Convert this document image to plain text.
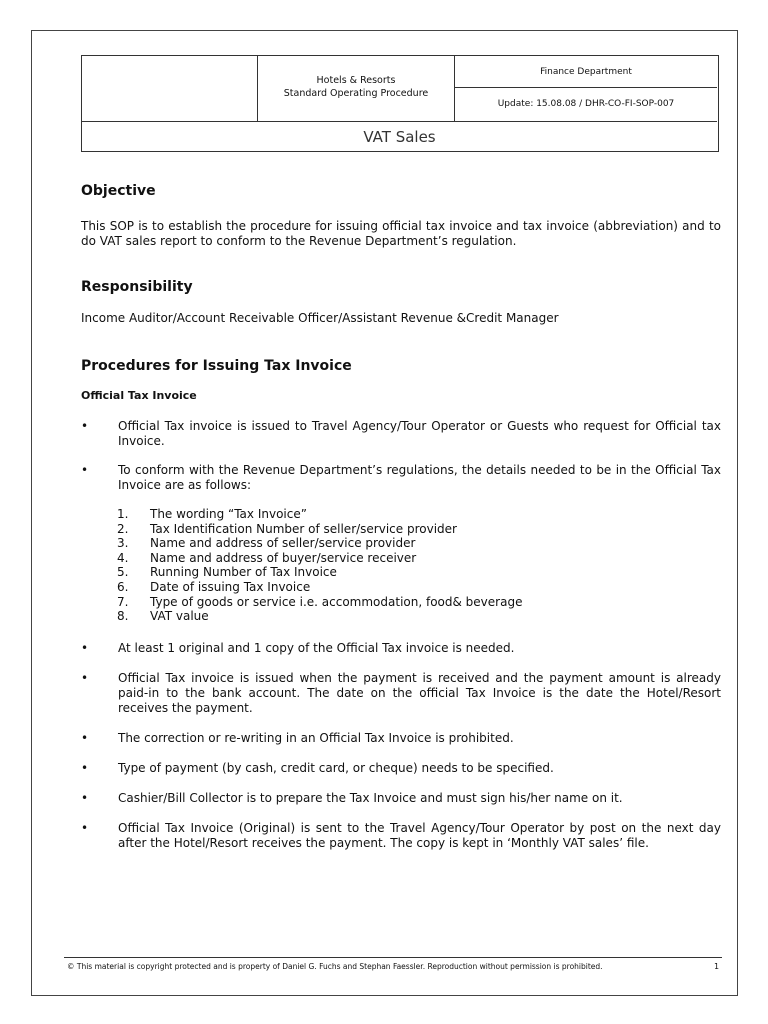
Hotels & Resorts
Standard Operating Procedure
Finance Department
Update: 15.08.08 / DHR-CO-FI-SOP-007
VAT Sales
Objective

This SOP is to establish the procedure for issuing official tax invoice and tax invoice (abbreviation) and to do VAT sales report to conform to the Revenue Department’s regulation.

Responsibility

Income Auditor/Account Receivable Officer/Assistant Revenue &Credit Manager

Procedures for Issuing Tax Invoice
Official Tax Invoice
• Official Tax invoice is issued to Travel Agency/Tour Operator or Guests who request for Official tax Invoice.
• To conform with the Revenue Department’s regulations, the details needed to be in the Official Tax Invoice are as follows:
1. The wording “Tax Invoice”
2. Tax Identification Number of seller/service provider
3. Name and address of seller/service provider
4. Name and address of buyer/service receiver
5. Running Number of Tax Invoice
6. Date of issuing Tax Invoice
7. Type of goods or service i.e. accommodation, food& beverage
8. VAT value
• At least 1 original and 1 copy of the Official Tax invoice is needed.
• Official Tax invoice is issued when the payment is received and the payment amount is already paid-in to the bank account. The date on the official Tax Invoice is the date the Hotel/Resort receives the payment.
• The correction or re-writing in an Official Tax Invoice is prohibited.
• Type of payment (by cash, credit card, or cheque) needs to be specified.
• Cashier/Bill Collector is to prepare the Tax Invoice and must sign his/her name on it.
• Official Tax Invoice (Original) is sent to the Travel Agency/Tour Operator by post on the next day after the Hotel/Resort receives the payment. The copy is kept in ‘Monthly VAT sales’ file.
© This material is copyright protected and is property of Daniel G. Fuchs and Stephan Faessler. Reproduction without permission is prohibited.	1
